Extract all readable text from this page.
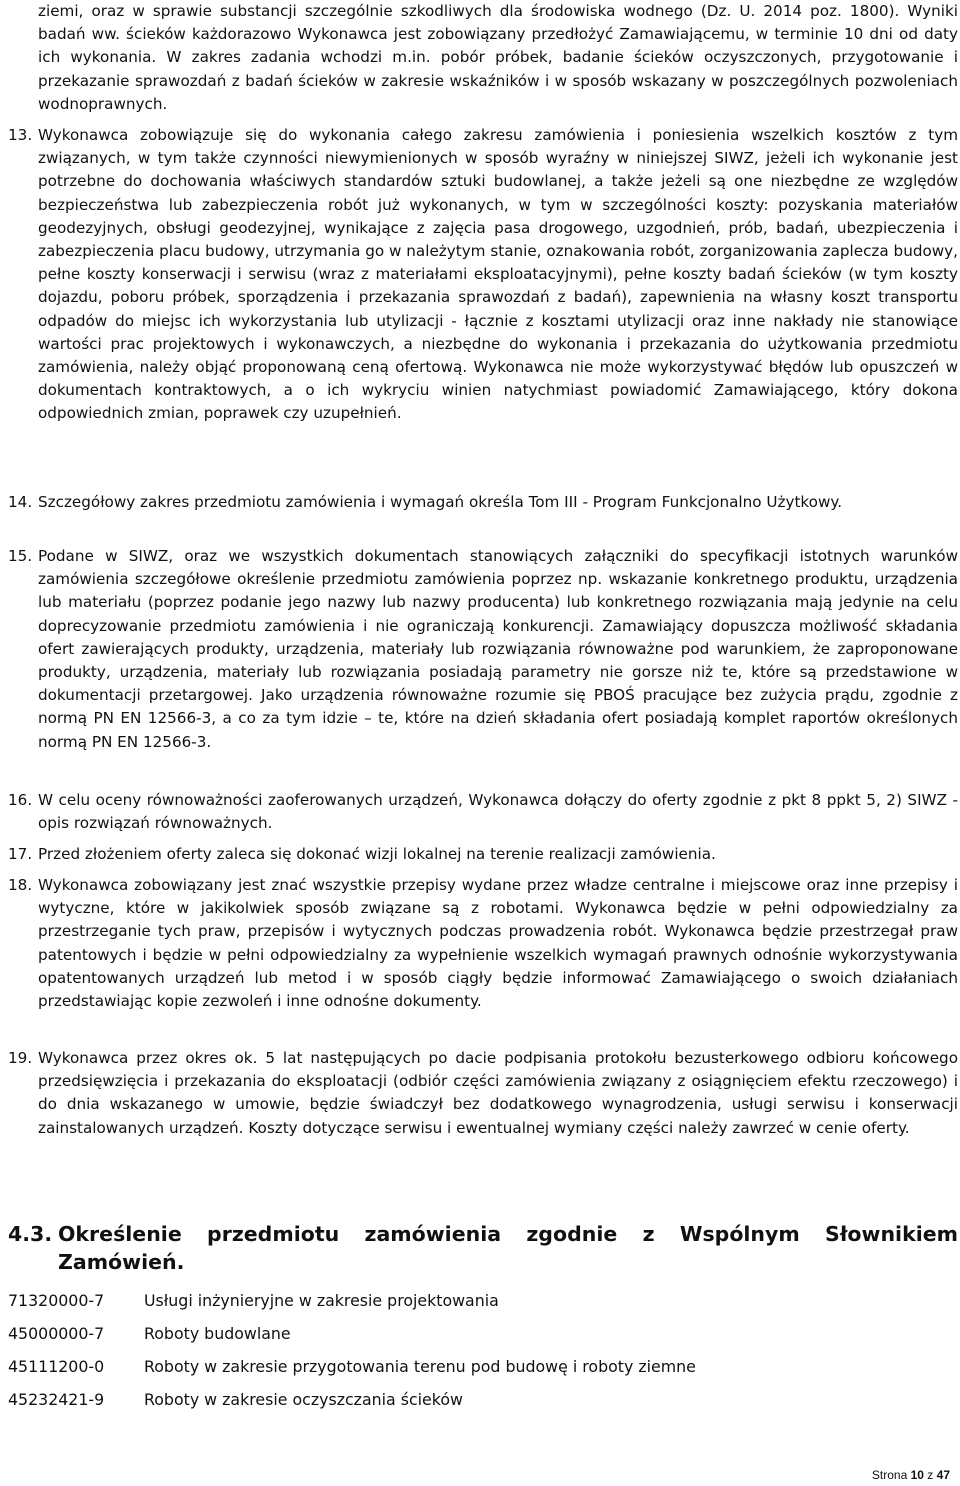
ziemi, oraz w sprawie substancji szczególnie szkodliwych dla środowiska wodnego (Dz. U. 2014 poz. 1800). Wyniki badań ww. ścieków każdorazowo Wykonawca jest zobowiązany przedłożyć Zamawiającemu, w terminie 10 dni od daty ich wykonania. W zakres zadania wchodzi m.in. pobór próbek, badanie ścieków oczyszczonych, przygotowanie i przekazanie sprawozdań z badań ścieków w zakresie wskaźników i w sposób wskazany w poszczególnych pozwoleniach wodnoprawnych.
13. Wykonawca zobowiązuje się do wykonania całego zakresu zamówienia i poniesienia wszelkich kosztów z tym związanych, w tym także czynności niewymienionych w sposób wyraźny w niniejszej SIWZ, jeżeli ich wykonanie jest potrzebne do dochowania właściwych standardów sztuki budowlanej, a także jeżeli są one niezbędne ze względów bezpieczeństwa lub zabezpieczenia robót już wykonanych, w tym w szczególności koszty: pozyskania materiałów geodezyjnych, obsługi geodezyjnej, wynikające z zajęcia pasa drogowego, uzgodnień, prób, badań, ubezpieczenia i zabezpieczenia placu budowy, utrzymania go w należytym stanie, oznakowania robót, zorganizowania zaplecza budowy, pełne koszty konserwacji i serwisu (wraz z materiałami eksploatacyjnymi), pełne koszty badań ścieków (w tym koszty dojazdu, poboru próbek, sporządzenia i przekazania sprawozdań z badań), zapewnienia na własny koszt transportu odpadów do miejsc ich wykorzystania lub utylizacji - łącznie z kosztami utylizacji oraz inne nakłady nie stanowiące wartości prac projektowych i wykonawczych, a niezbędne do wykonania i przekazania do użytkowania przedmiotu zamówienia, należy objąć proponowaną ceną ofertową. Wykonawca nie może wykorzystywać błędów lub opuszczeń w dokumentach kontraktowych, a o ich wykryciu winien natychmiast powiadomić Zamawiającego, który dokona odpowiednich zmian, poprawek czy uzupełnień.
14. Szczegółowy zakres przedmiotu zamówienia i wymagań określa Tom III - Program Funkcjonalno Użytkowy.
15. Podane w SIWZ, oraz we wszystkich dokumentach stanowiących załączniki do specyfikacji istotnych warunków zamówienia szczegółowe określenie przedmiotu zamówienia poprzez np. wskazanie konkretnego produktu, urządzenia lub materiału (poprzez podanie jego nazwy lub nazwy producenta) lub konkretnego rozwiązania mają jedynie na celu doprecyzowanie przedmiotu zamówienia i nie ograniczają konkurencji. Zamawiający dopuszcza możliwość składania ofert zawierających produkty, urządzenia, materiały lub rozwiązania równoważne pod warunkiem, że zaproponowane produkty, urządzenia, materiały lub rozwiązania posiadają parametry nie gorsze niż te, które są przedstawione w dokumentacji przetargowej. Jako urządzenia równoważne rozumie się PBOŚ pracujące bez zużycia prądu, zgodnie z normą PN EN 12566-3, a co za tym idzie – te, które na dzień składania ofert posiadają komplet raportów określonych normą PN EN 12566-3.
16. W celu oceny równoważności zaoferowanych urządzeń, Wykonawca dołączy do oferty zgodnie z pkt 8 ppkt 5, 2) SIWZ - opis rozwiązań równoważnych.
17. Przed złożeniem oferty zaleca się dokonać wizji lokalnej na terenie realizacji zamówienia.
18. Wykonawca zobowiązany jest znać wszystkie przepisy wydane przez władze centralne i miejscowe oraz inne przepisy i wytyczne, które w jakikolwiek sposób związane są z robotami. Wykonawca będzie w pełni odpowiedzialny za przestrzeganie tych praw, przepisów i wytycznych podczas prowadzenia robót. Wykonawca będzie przestrzegał praw patentowych i będzie w pełni odpowiedzialny za wypełnienie wszelkich wymagań prawnych odnośnie wykorzystywania opatentowanych urządzeń lub metod i w sposób ciągły będzie informować Zamawiającego o swoich działaniach przedstawiając kopie zezwoleń i inne odnośne dokumenty.
19. Wykonawca przez okres ok. 5 lat następujących po dacie podpisania protokołu bezusterkowego odbioru końcowego przedsięwzięcia i przekazania do eksploatacji (odbiór części zamówienia związany z osiągnięciem efektu rzeczowego) i do dnia wskazanego w umowie, będzie świadczył bez dodatkowego wynagrodzenia, usługi serwisu i konserwacji zainstalowanych urządzeń. Koszty dotyczące serwisu i ewentualnej wymiany części należy zawrzeć w cenie oferty.
4.3. Określenie przedmiotu zamówienia zgodnie z Wspólnym Słownikiem Zamówień.
71320000-7	Usługi inżynieryjne w zakresie projektowania
45000000-7	Roboty budowlane
45111200-0	Roboty w zakresie przygotowania terenu pod budowę i roboty ziemne
45232421-9	Roboty w zakresie oczyszczania ścieków
Strona 10 z 47
